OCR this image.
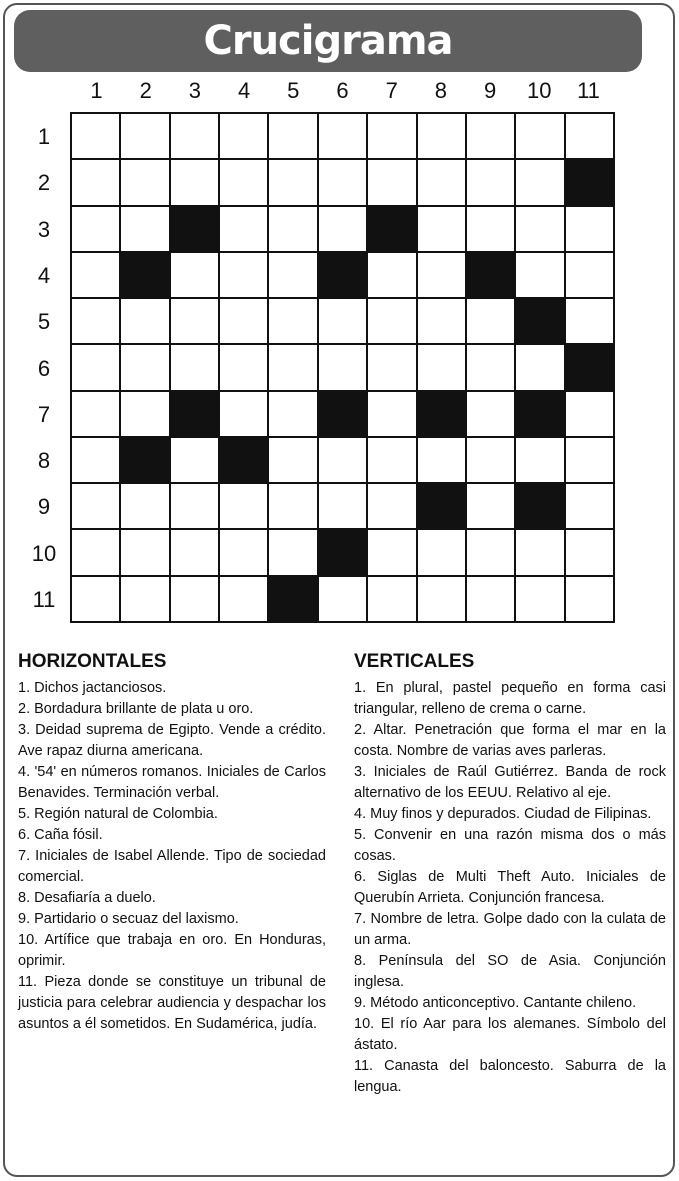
Crucigrama
1	2	3	4	5	6	7	8	9	10	11
1
2
3
4
5
6
7
8
9
10
11
HORIZONTALES

1. Dichos jactanciosos.

2. Bordadura brillante de plata u oro.

3. Deidad suprema de Egipto. Vende a crédito. Ave rapaz diurna americana.

4. '54' en números romanos. Iniciales de Carlos Benavides. Terminación verbal.

5. Región natural de Colombia.

6. Caña fósil.

7. Iniciales de Isabel Allende. Tipo de sociedad comercial.

8. Desafiaría a duelo.

9. Partidario o secuaz del laxismo.

10. Artífice que trabaja en oro. En Honduras, oprimir.

11. Pieza donde se constituye un tribunal de justicia para celebrar audiencia y despachar los asuntos a él sometidos. En Sudamérica, judía.

VERTICALES

1. En plural, pastel pequeño en forma casi triangular, relleno de crema o carne.

2. Altar. Penetración que forma el mar en la costa. Nombre de varias aves parleras.

3. Iniciales de Raúl Gutiérrez. Banda de rock alternativo de los EEUU. Relativo al eje.

4. Muy finos y depurados. Ciudad de Filipinas.

5. Convenir en una razón misma dos o más cosas.

6. Siglas de Multi Theft Auto. Iniciales de Querubín Arrieta. Conjunción francesa.

7. Nombre de letra. Golpe dado con la culata de un arma.

8. Península del SO de Asia. Conjunción inglesa.

9. Método anticonceptivo. Cantante chileno.

10. El río Aar para los alemanes. Símbolo del ástato.

11. Canasta del baloncesto. Saburra de la lengua.
